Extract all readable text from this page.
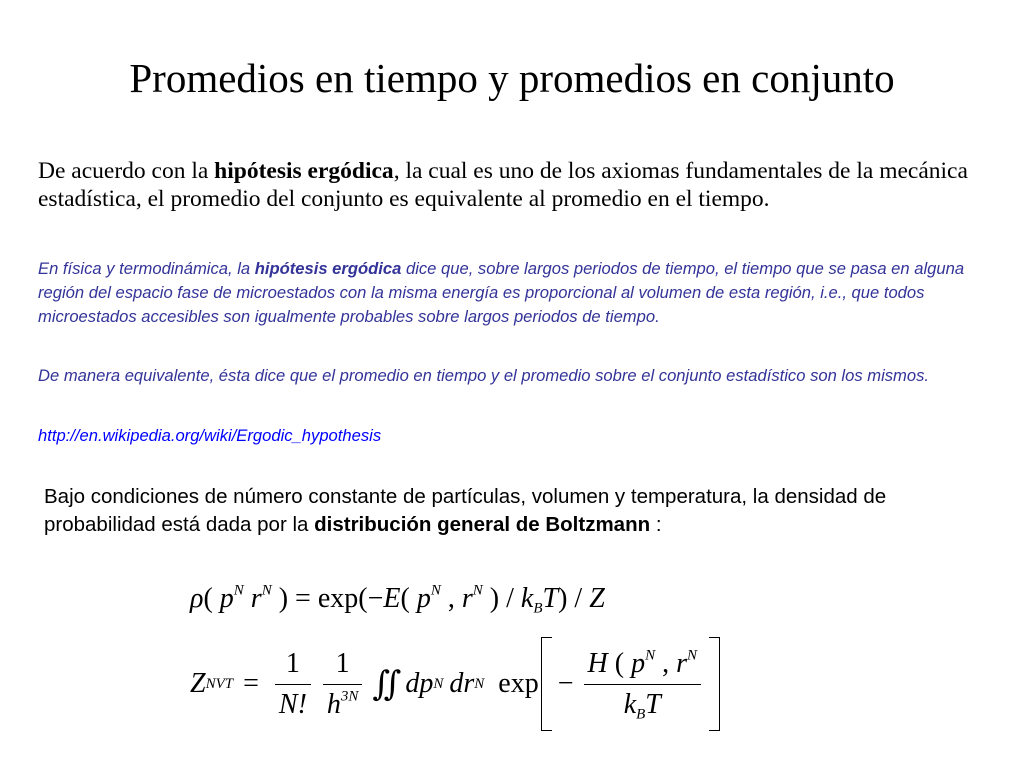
Promedios en tiempo y promedios en conjunto
De acuerdo con la hipótesis ergódica, la cual es uno de los axiomas fundamentales de la mecánica estadística, el promedio del conjunto es equivalente al promedio en el tiempo.

En física y termodinámica, la hipótesis ergódica dice que, sobre largos periodos de tiempo, el tiempo que se pasa en alguna región del espacio fase de microestados con la misma energía es proporcional al volumen de esta región, i.e., que todos microestados accesibles son igualmente probables sobre largos periodos de tiempo.

De manera equivalente, ésta dice que el promedio en tiempo y el promedio sobre el conjunto estadístico son los mismos.

http://en.wikipedia.org/wiki/Ergodic_hypothesis

Bajo condiciones de número constante de partículas, volumen y temperatura, la densidad de probabilidad está dada por la distribución general de Boltzmann :
ρ( $p^N$ $r^N$ ) = exp(−E( $p^N$ , $r^N$ ) / $k_BT$) / Z
Z NVT = $\frac{1}{N!} \frac{1}{h^{3N}}$ ∬ d p N d r N $\exp - \frac{H ( p^N , r^N}{k_BT}$
